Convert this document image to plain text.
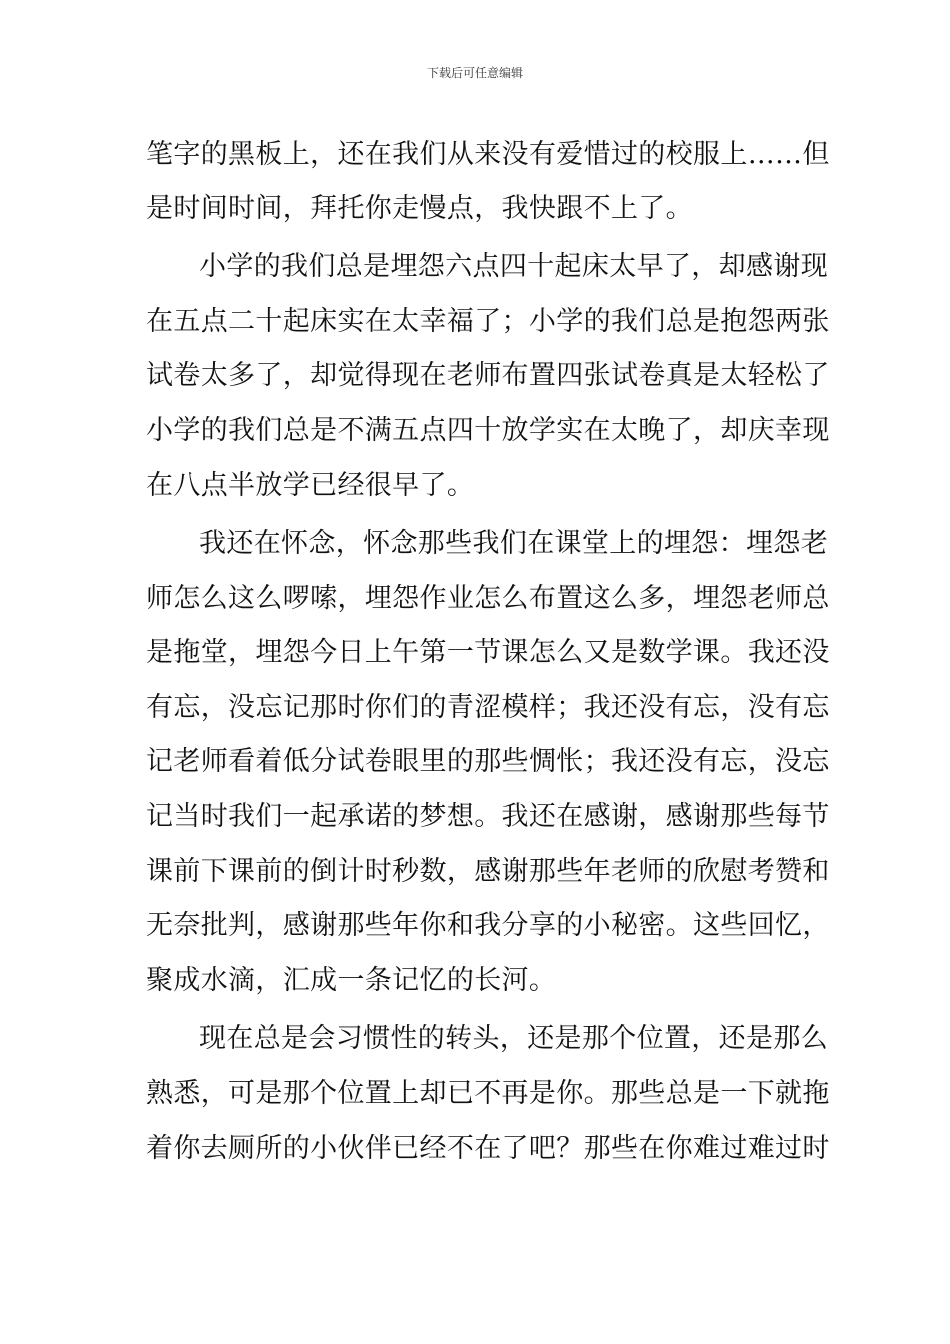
下载后可任意编辑
笔字的黑板上，还在我们从来没有爱惜过的校服上……但
是时间时间，拜托你走慢点，我快跟不上了。
小学的我们总是埋怨六点四十起床太早了，却感谢现
在五点二十起床实在太幸福了；小学的我们总是抱怨两张
试卷太多了，却觉得现在老师布置四张试卷真是太轻松了
小学的我们总是不满五点四十放学实在太晚了，却庆幸现
在八点半放学已经很早了。
我还在怀念，怀念那些我们在课堂上的埋怨：埋怨老
师怎么这么啰嗦，埋怨作业怎么布置这么多，埋怨老师总
是拖堂，埋怨今日上午第一节课怎么又是数学课。我还没
有忘，没忘记那时你们的青涩模样；我还没有忘，没有忘
记老师看着低分试卷眼里的那些惆怅；我还没有忘，没忘
记当时我们一起承诺的梦想。我还在感谢，感谢那些每节
课前下课前的倒计时秒数，感谢那些年老师的欣慰考赞和
无奈批判，感谢那些年你和我分享的小秘密。这些回忆，
聚成水滴，汇成一条记忆的长河。
现在总是会习惯性的转头，还是那个位置，还是那么
熟悉，可是那个位置上却已不再是你。那些总是一下就拖
着你去厕所的小伙伴已经不在了吧？那些在你难过难过时
